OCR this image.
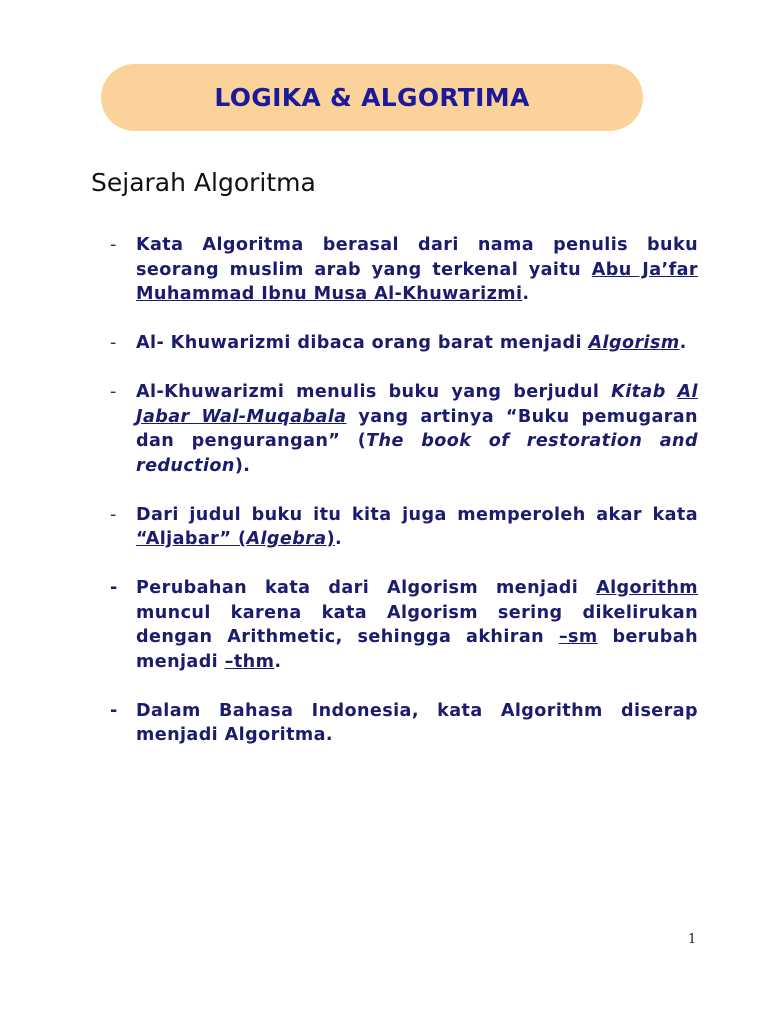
LOGIKA & ALGORTIMA
Sejarah Algoritma
-	Kata Algoritma berasal dari nama penulis buku seorang muslim arab yang terkenal yaitu Abu Ja’far Muhammad Ibnu Musa Al-Khuwarizmi.
-	Al- Khuwarizmi dibaca orang barat menjadi Algorism.
-	Al-Khuwarizmi menulis buku yang berjudul Kitab Al Jabar Wal-Muqabala yang artinya “Buku pemugaran dan pengurangan” (The book of restoration and reduction).
-	Dari judul buku itu kita juga memperoleh akar kata “Aljabar” (Algebra).
-	Perubahan kata dari Algorism menjadi Algorithm muncul karena kata Algorism sering dikelirukan dengan Arithmetic, sehingga akhiran –sm berubah menjadi –thm.
-	Dalam Bahasa Indonesia, kata Algorithm diserap menjadi Algoritma.
1
